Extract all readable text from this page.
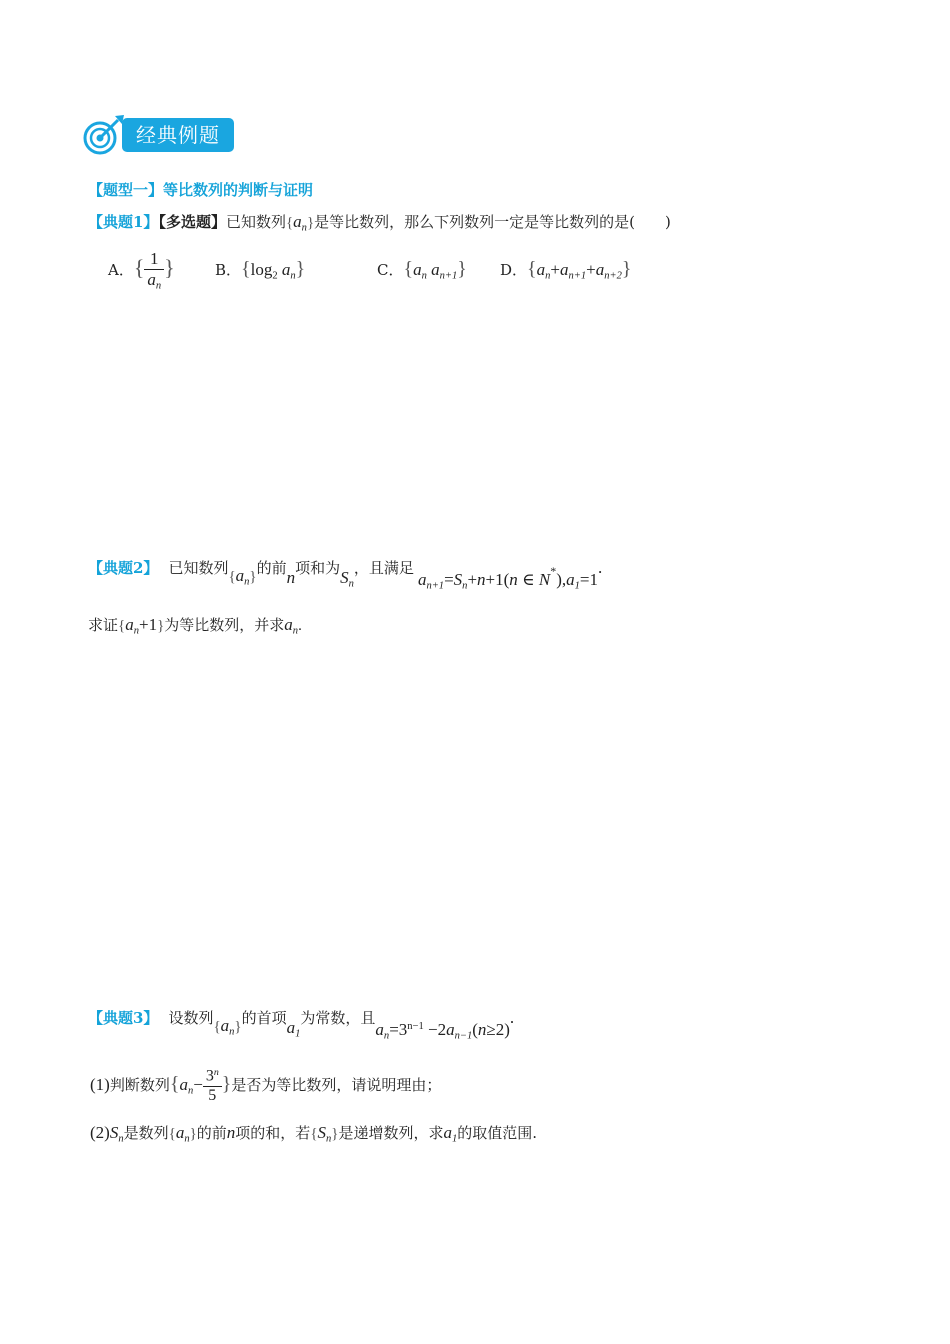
经典例题
【题型一】等比数列的判断与证明
【典题1】【多选题】已知数列$\{a_n\}$是等比数列，那么下列数列一定是等比数列的是(　　)
A．{ $\frac{1}{a_n}$ }	B．{$\log_2$ $a_n$}	C．{$a_n$ $a_{n+1}$} D．$\{a_n+a_{n+1}+a_{n+2}\}$
【典题2】 已知数列$\{a_n\}$的前n项和为$S_n$，且满足$a_{n+1}=S_n+n+1(n$ ∈ $N*),a_1=1$.
求证$\{a_n+1\}$为等比数列，并求$a_n$.
【典题3】 设数列$\{a_n\}$的首项$a_1$为常数，且$a_n=3^{n-1} -2a_{n-1}(n\ge 2)$.
(1)判断数列{$a_n- \frac{3^n}{5}$ }是否为等比数列，请说明理由；
$(2)S_n$是数列$\{a_n\}$的前n项的和，若$\{S_n\}$是递增数列，求$a_1$的取值范围.
